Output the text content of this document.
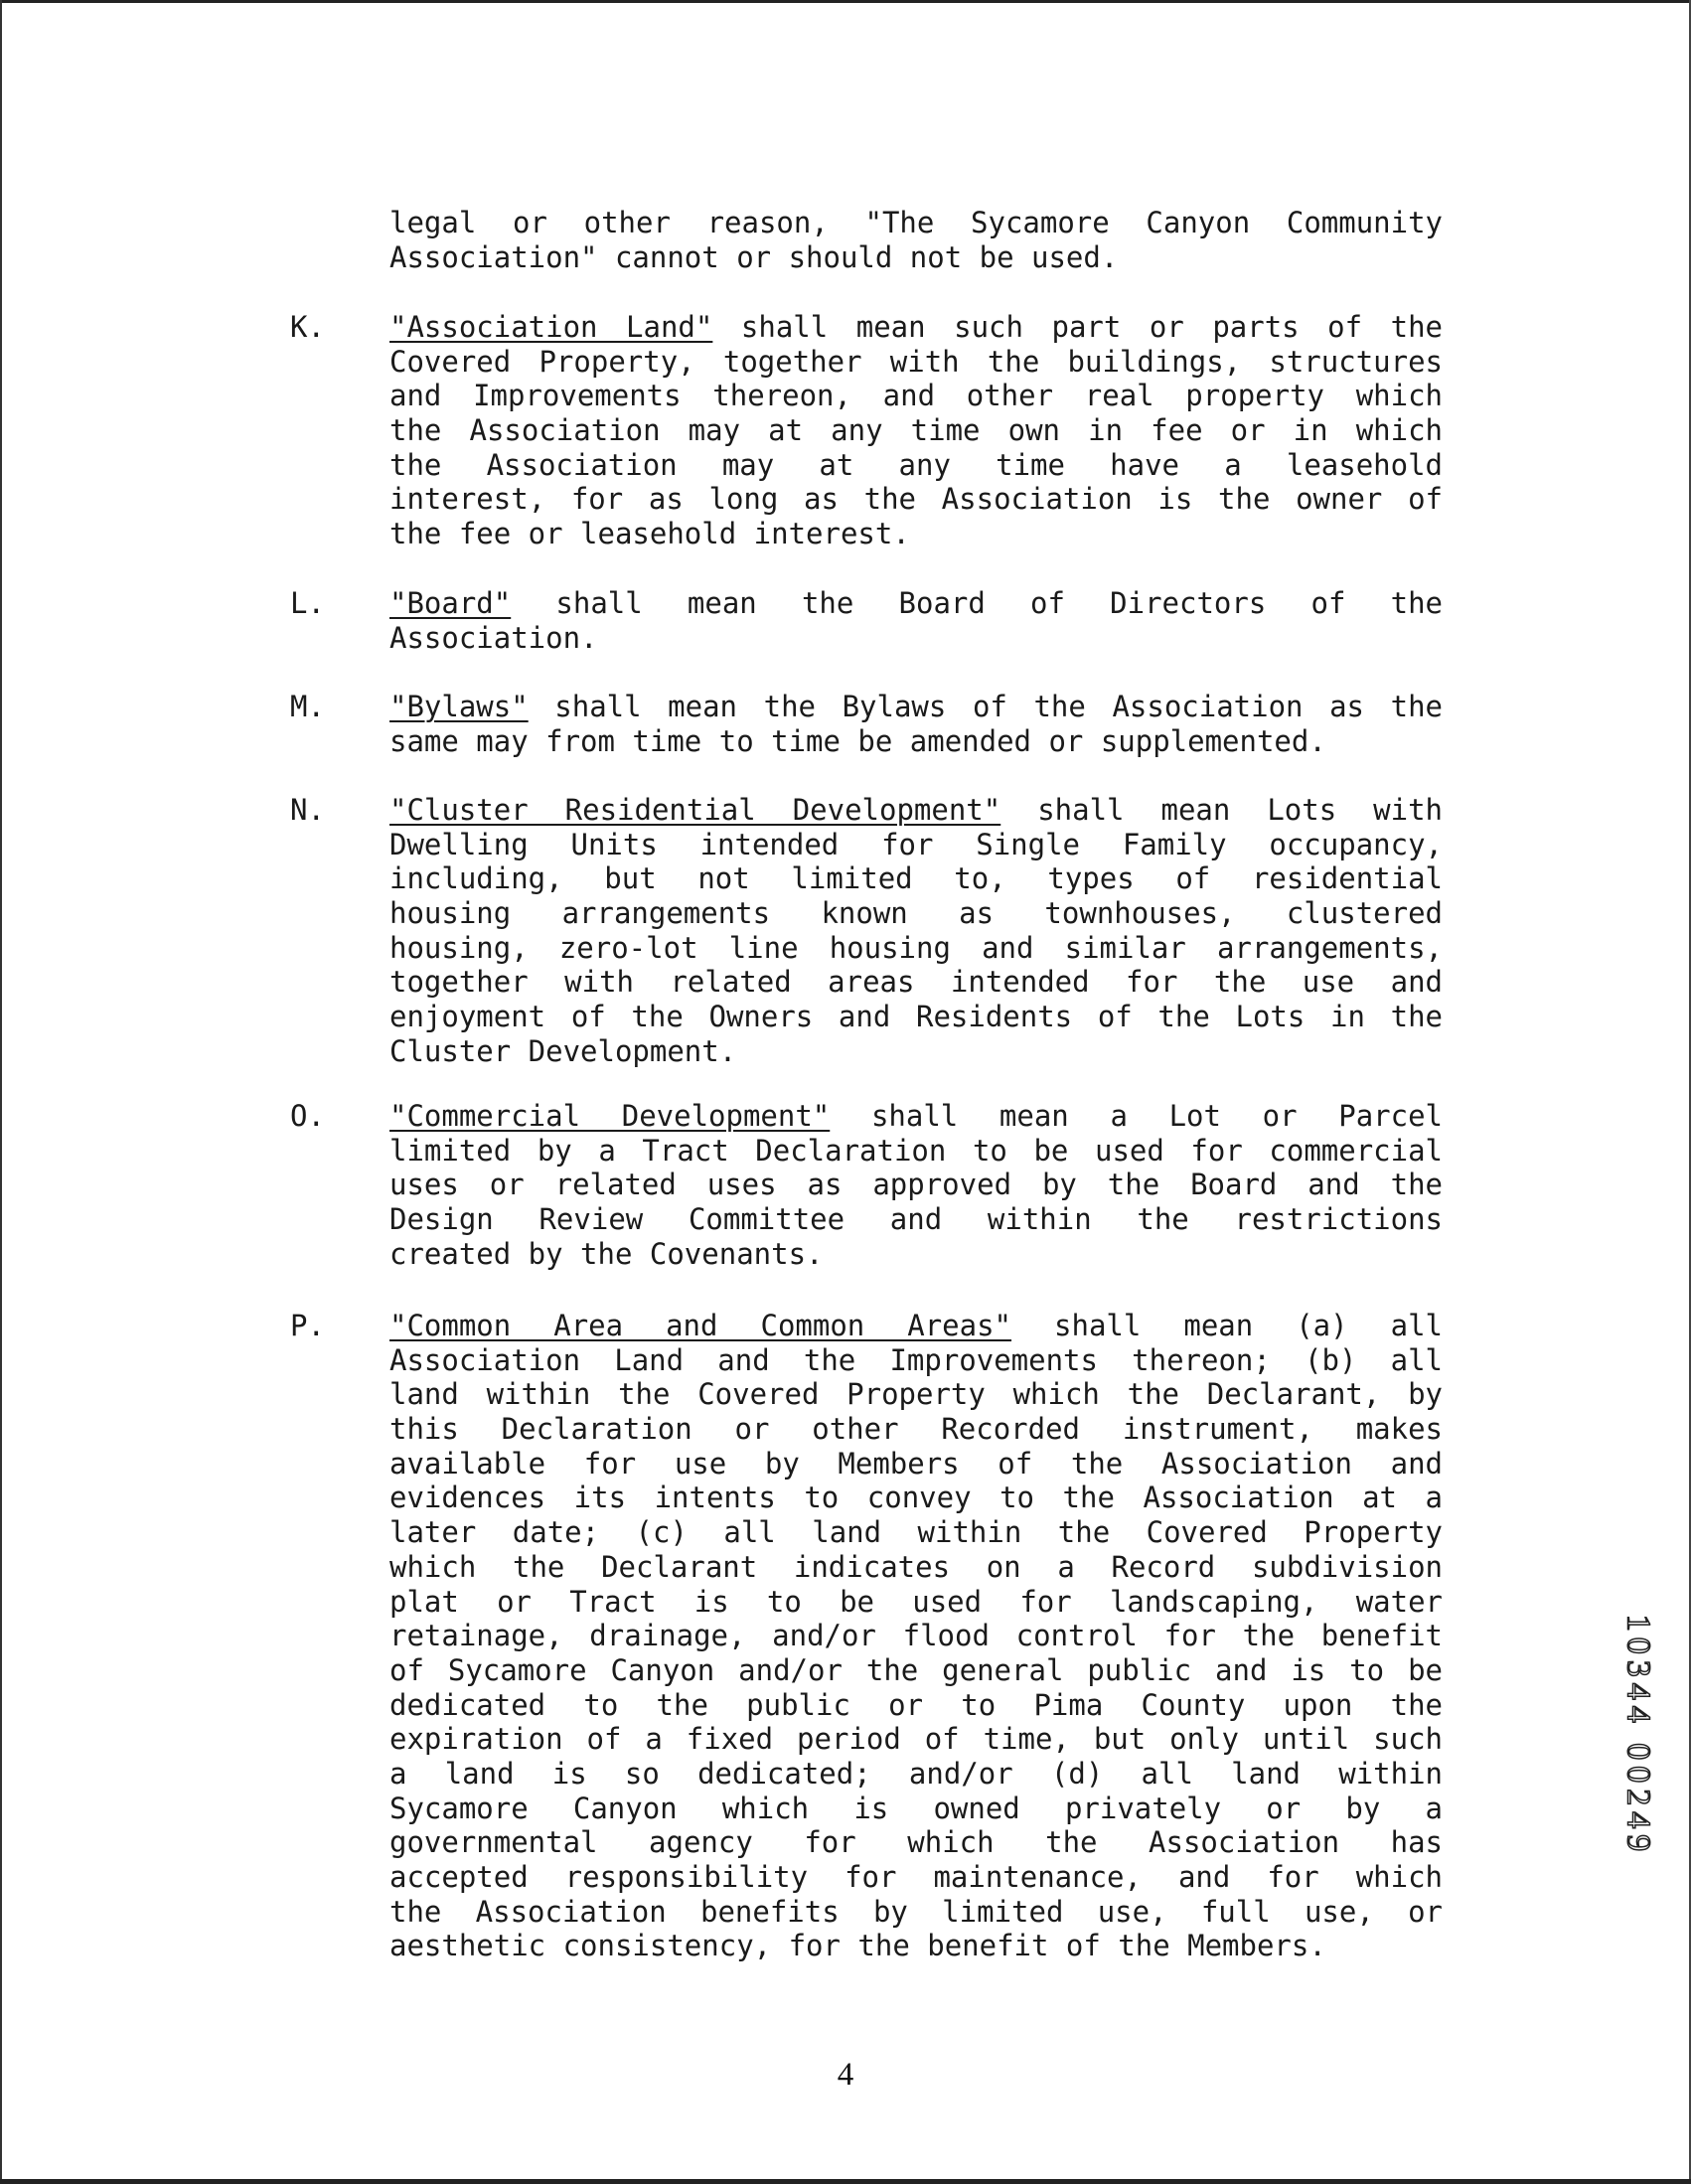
legal or other reason, "The Sycamore Canyon Community
Association" cannot or should not be used.
K. "Association Land" shall mean such part or parts of the
Covered Property, together with the buildings, structures
and Improvements thereon, and other real property which
the Association may at any time own in fee or in which
the Association may at any time have a leasehold
interest, for as long as the Association is the owner of
the fee or leasehold interest.
L. "Board" shall mean the Board of Directors of the
Association.
M. "Bylaws" shall mean the Bylaws of the Association as the
same may from time to time be amended or supplemented.
N. "Cluster Residential Development" shall mean Lots with
Dwelling Units intended for Single Family occupancy,
including, but not limited to, types of residential
housing arrangements known as townhouses, clustered
housing, zero-lot line housing and similar arrangements,
together with related areas intended for the use and
enjoyment of the Owners and Residents of the Lots in the
Cluster Development.
O. "Commercial Development" shall mean a Lot or Parcel
limited by a Tract Declaration to be used for commercial
uses or related uses as approved by the Board and the
Design Review Committee and within the restrictions
created by the Covenants.
P. "Common Area and Common Areas" shall mean (a) all
Association Land and the Improvements thereon; (b) all
land within the Covered Property which the Declarant, by
this Declaration or other Recorded instrument, makes
available for use by Members of the Association and
evidences its intents to convey to the Association at a
later date; (c) all land within the Covered Property
which the Declarant indicates on a Record subdivision
plat or Tract is to be used for landscaping, water
retainage, drainage, and/or flood control for the benefit
of Sycamore Canyon and/or the general public and is to be
dedicated to the public or to Pima County upon the
expiration of a fixed period of time, but only until such
a land is so dedicated; and/or (d) all land within
Sycamore Canyon which is owned privately or by a
governmental agency for which the Association has
accepted responsibility for maintenance, and for which
the Association benefits by limited use, full use, or
aesthetic consistency, for the benefit of the Members.
10344 00249
4
